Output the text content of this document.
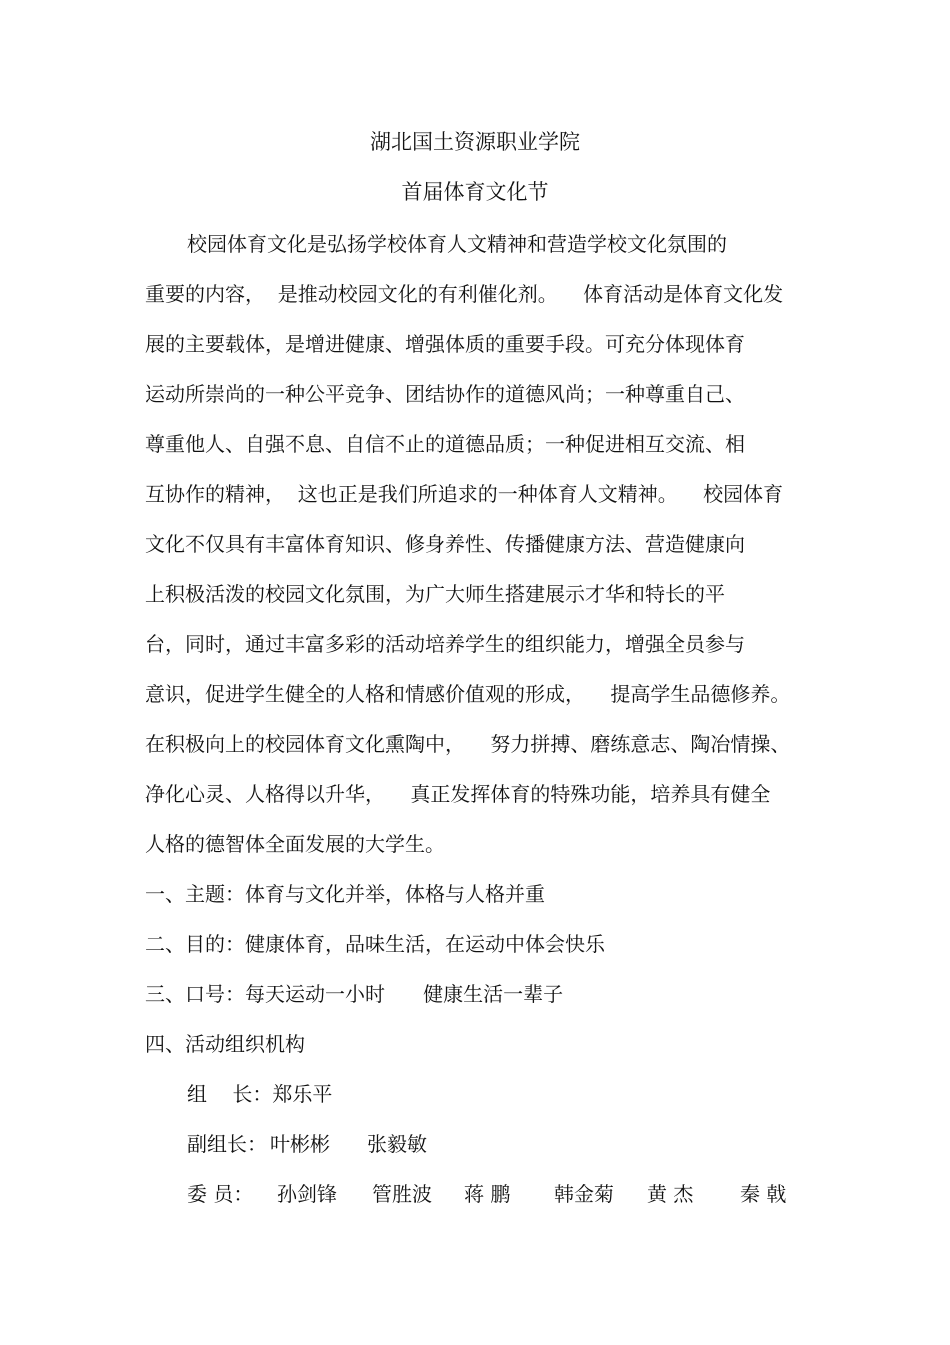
湖北国土资源职业学院
首届体育文化节
校园体育文化是弘扬学校体育人文精神和营造学校文化氛围的
重要的内容，  是推动校园文化的有利催化剂。    体育活动是体育文化发
展的主要载体，是增进健康、增强体质的重要手段。可充分体现体育
运动所崇尚的一种公平竞争、团结协作的道德风尚；一种尊重自己、
尊重他人、自强不息、自信不止的道德品质；一种促进相互交流、相
互协作的精神，  这也正是我们所追求的一种体育人文精神。    校园体育
文化不仅具有丰富体育知识、修身养性、传播健康方法、营造健康向
上积极活泼的校园文化氛围，为广大师生搭建展示才华和特长的平
台，同时，通过丰富多彩的活动培养学生的组织能力，增强全员参与
意识，促进学生健全的人格和情感价值观的形成，    提高学生品德修养。
在积极向上的校园体育文化熏陶中，    努力拼搏、磨练意志、陶冶情操、
净化心灵、人格得以升华，    真正发挥体育的特殊功能，培养具有健全
人格的德智体全面发展的大学生。
一、主题：体育与文化并举，体格与人格并重
二、目的：健康体育，品味生活，在运动中体会快乐
三、口号：每天运动一小时      健康生活一辈子
四、活动组织机构
组    长：郑乐平
副组长： 叶彬彬 张毅敏
委 员： 孙剑锋 管胜波 蒋 鹏 韩金菊 黄 杰 秦 戟
